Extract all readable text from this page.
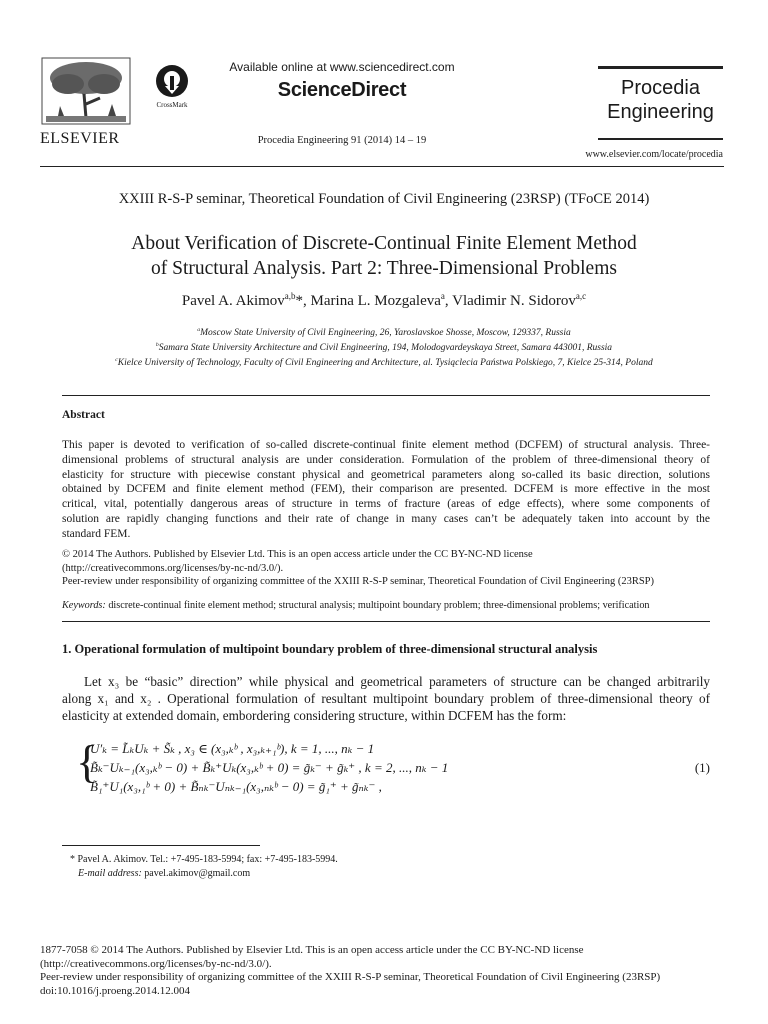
ELSEVIER
CrossMark
Available online at www.sciencedirect.com
ScienceDirect
Procedia Engineering 91 (2014) 14 – 19
Procedia
Engineering
www.elsevier.com/locate/procedia
XXIII R-S-P seminar, Theoretical Foundation of Civil Engineering (23RSP) (TFoCE 2014)
About Verification of Discrete-Continual Finite Element Method
of Structural Analysis. Part 2: Three-Dimensional Problems
Pavel A. Akimov$^{a,b}$*, Marina L. Mozgaleva$^a$, Vladimir N. Sidorov$^{a,c}$
$^a$Moscow State University of Civil Engineering, 26, Yaroslavskoe Shosse, Moscow, 129337, Russia
$^b$Samara State University Architecture and Civil Engineering, 194, Molodogvardeyskaya Street, Samara 443001, Russia
$^c$Kielce University of Technology, Faculty of Civil Engineering and Architecture, al. Tysiąclecia Państwa Polskiego, 7, Kielce 25-314, Poland
Abstract
This paper is devoted to verification of so-called discrete-continual finite element method (DCFEM) of structural analysis. Three-
dimensional problems of structural analysis are under consideration. Formulation of the problem of three-dimensional theory of
elasticity for structure with piecewise constant physical and geometrical parameters along so-called its basic direction, solutions
obtained by DCFEM and finite element method (FEM), their comparison are presented. DCFEM is more effective in the most
critical, vital, potentially dangerous areas of structure in terms of fracture (areas of edge effects), where some components of
solution are rapidly changing functions and their rate of change in many cases can’t be adequately taken into account by the
standard FEM.
© 2014 The Authors. Published by Elsevier Ltd. This is an open access article under the CC BY-NC-ND license
(http://creativecommons.org/licenses/by-nc-nd/3.0/).
Peer-review under responsibility of organizing committee of the XXIII R-S-P seminar, Theoretical Foundation of Civil Engineering (23RSP)
Keywords: discrete-continual finite element method; structural analysis; multipoint boundary problem; three-dimensional problems; verification
1. Operational formulation of multipoint boundary problem of three-dimensional structural analysis
Let x₃ be “basic” direction” while physical and geometrical parameters of structure can be changed arbitrarily
along x₁ and x₂ . Operational formulation of resultant multipoint boundary problem of three-dimensional theory of
elasticity at extended domain, embordering considering structure, within DCFEM has the form:
{
U′ₖ = L̃ₖUₖ + S̃ₖ , x₃ ∈ (x₃,ₖᵇ , x₃,ₖ₊₁ᵇ), k = 1, ..., nₖ − 1
B̃ₖ⁻Uₖ₋₁(x₃,ₖᵇ − 0) + B̃ₖ⁺Uₖ(x₃,ₖᵇ + 0) = g̃ₖ⁻ + g̃ₖ⁺ , k = 2, ..., nₖ − 1
B̃₁⁺U₁(x₃,₁ᵇ + 0) + B̃ₙₖ⁻Uₙₖ₋₁(x₃,ₙₖᵇ − 0) = g̃₁⁺ + g̃ₙₖ⁻ ,
(1)
* Pavel A. Akimov. Tel.: +7-495-183-5994; fax: +7-495-183-5994.
E-mail address: pavel.akimov@gmail.com
1877-7058 © 2014 The Authors. Published by Elsevier Ltd. This is an open access article under the CC BY-NC-ND license
(http://creativecommons.org/licenses/by-nc-nd/3.0/).
Peer-review under responsibility of organizing committee of the XXIII R-S-P seminar, Theoretical Foundation of Civil Engineering (23RSP)
doi:10.1016/j.proeng.2014.12.004
